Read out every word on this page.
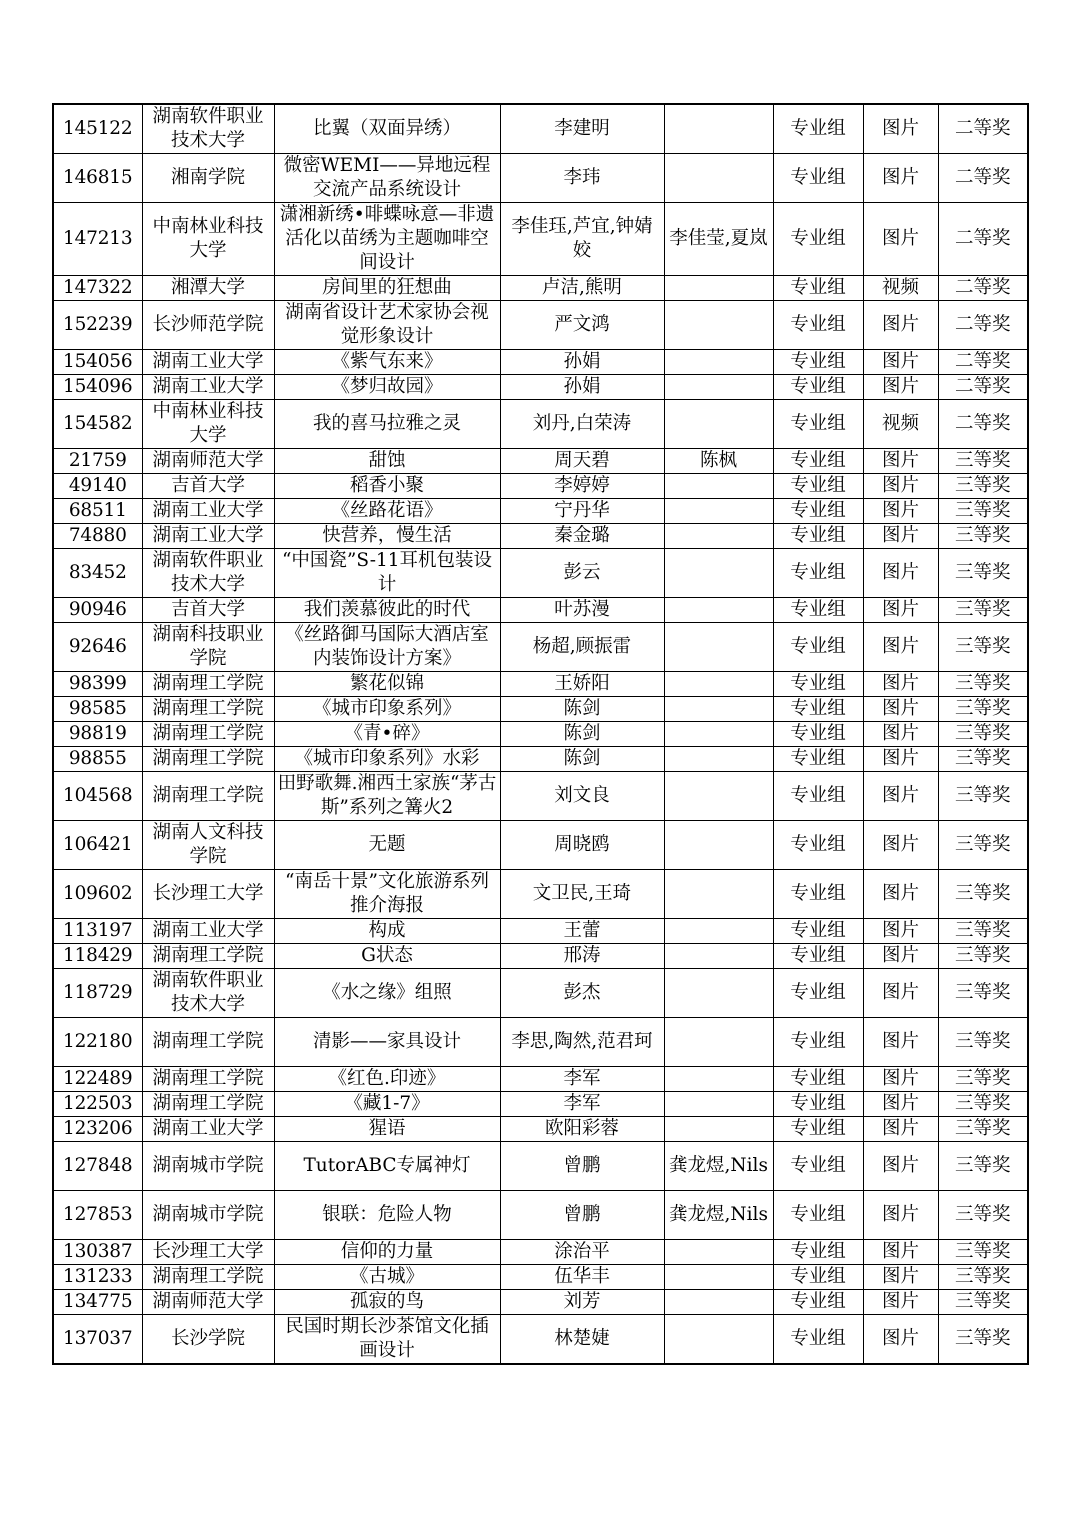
145122	湖南软件职业技术大学	比翼（双面异绣）	李建明		专业组	图片	二等奖
146815	湘南学院	微密WEMI——异地远程交流产品系统设计	李玮		专业组	图片	二等奖
147213	中南林业科技大学	潇湘新绣•啡蝶咏意—非遗活化以苗绣为主题咖啡空间设计	李佳珏,芦宜,钟婧姣	李佳莹,夏岚	专业组	图片	二等奖
147322	湘潭大学	房间里的狂想曲	卢洁,熊明		专业组	视频	二等奖
152239	长沙师范学院	湖南省设计艺术家协会视觉形象设计	严文鸿		专业组	图片	二等奖
154056	湖南工业大学	《紫气东来》	孙娟		专业组	图片	二等奖
154096	湖南工业大学	《梦归故园》	孙娟		专业组	图片	二等奖
154582	中南林业科技大学	我的喜马拉雅之灵	刘丹,白荣涛		专业组	视频	二等奖
21759	湖南师范大学	甜蚀	周天碧	陈枫	专业组	图片	三等奖
49140	吉首大学	稻香小聚	李婷婷		专业组	图片	三等奖
68511	湖南工业大学	《丝路花语》	宁丹华		专业组	图片	三等奖
74880	湖南工业大学	快营养，慢生活	秦金璐		专业组	图片	三等奖
83452	湖南软件职业技术大学	“中国瓷”S-11耳机包装设计	彭云		专业组	图片	三等奖
90946	吉首大学	我们羡慕彼此的时代	叶苏漫		专业组	图片	三等奖
92646	湖南科技职业学院	《丝路御马国际大酒店室内装饰设计方案》	杨超,顾振雷		专业组	图片	三等奖
98399	湖南理工学院	繁花似锦	王娇阳		专业组	图片	三等奖
98585	湖南理工学院	《城市印象系列》	陈剑		专业组	图片	三等奖
98819	湖南理工学院	《青•碎》	陈剑		专业组	图片	三等奖
98855	湖南理工学院	《城市印象系列》水彩	陈剑		专业组	图片	三等奖
104568	湖南理工学院	田野歌舞.湘西土家族“茅古斯”系列之篝火2	刘文良		专业组	图片	三等奖
106421	湖南人文科技学院	无题	周晓鸥		专业组	图片	三等奖
109602	长沙理工大学	“南岳十景”文化旅游系列推介海报	文卫民,王琦		专业组	图片	三等奖
113197	湖南工业大学	构成	王蕾		专业组	图片	三等奖
118429	湖南理工学院	G状态	邢涛		专业组	图片	三等奖
118729	湖南软件职业技术大学	《水之缘》组照	彭杰		专业组	图片	三等奖
122180	湖南理工学院	清影——家具设计	李思,陶然,范君珂		专业组	图片	三等奖
122489	湖南理工学院	《红色.印迹》	李军		专业组	图片	三等奖
122503	湖南理工学院	《藏1-7》	李军		专业组	图片	三等奖
123206	湖南工业大学	猩语	欧阳彩蓉		专业组	图片	三等奖
127848	湖南城市学院	TutorABC专属神灯	曾鹏	龚龙煜,Nils	专业组	图片	三等奖
127853	湖南城市学院	银联：危险人物	曾鹏	龚龙煜,Nils	专业组	图片	三等奖
130387	长沙理工大学	信仰的力量	涂治平		专业组	图片	三等奖
131233	湖南理工学院	《古城》	伍华丰		专业组	图片	三等奖
134775	湖南师范大学	孤寂的鸟	刘芳		专业组	图片	三等奖
137037	长沙学院	民国时期长沙茶馆文化插画设计	林楚婕		专业组	图片	三等奖
